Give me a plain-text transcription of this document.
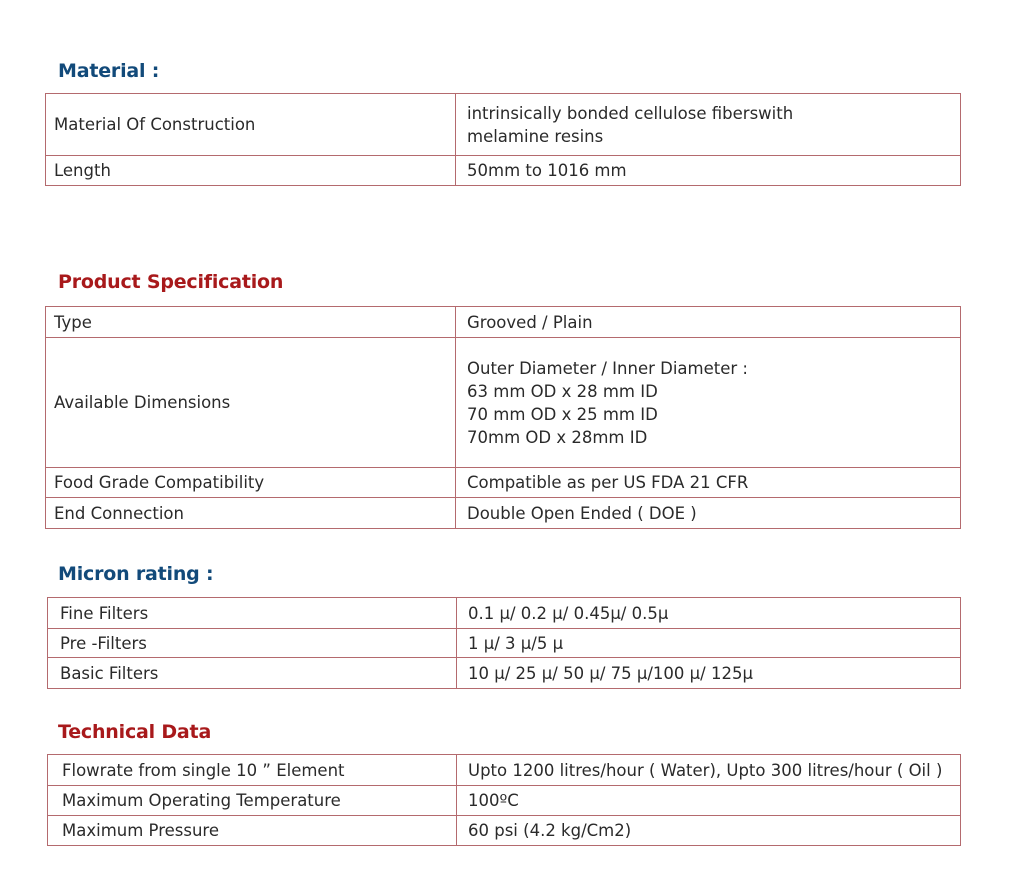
Material :
Material Of Construction	intrinsically bonded cellulose fiberswith
melamine resins

Length	50mm to 1016 mm
Product Specification
Type	Grooved / Plain

Available Dimensions	Outer Diameter / Inner Diameter :
63 mm OD x 28 mm ID
70 mm OD x 25 mm ID
70mm OD x 28mm ID

Food Grade Compatibility	Compatible as per US FDA 21 CFR

End Connection	Double Open Ended ( DOE )
Micron rating :
Fine Filters	0.1 µ/ 0.2 µ/ 0.45µ/ 0.5µ

Pre -Filters	1 µ/ 3 µ/5 µ

Basic Filters	10 µ/ 25 µ/ 50 µ/ 75 µ/100 µ/ 125µ
Technical Data
Flowrate from single 10 ” Element	Upto 1200 litres/hour ( Water), Upto 300 litres/hour ( Oil )

Maximum Operating Temperature	100ºC

Maximum Pressure	60 psi (4.2 kg/Cm2)
